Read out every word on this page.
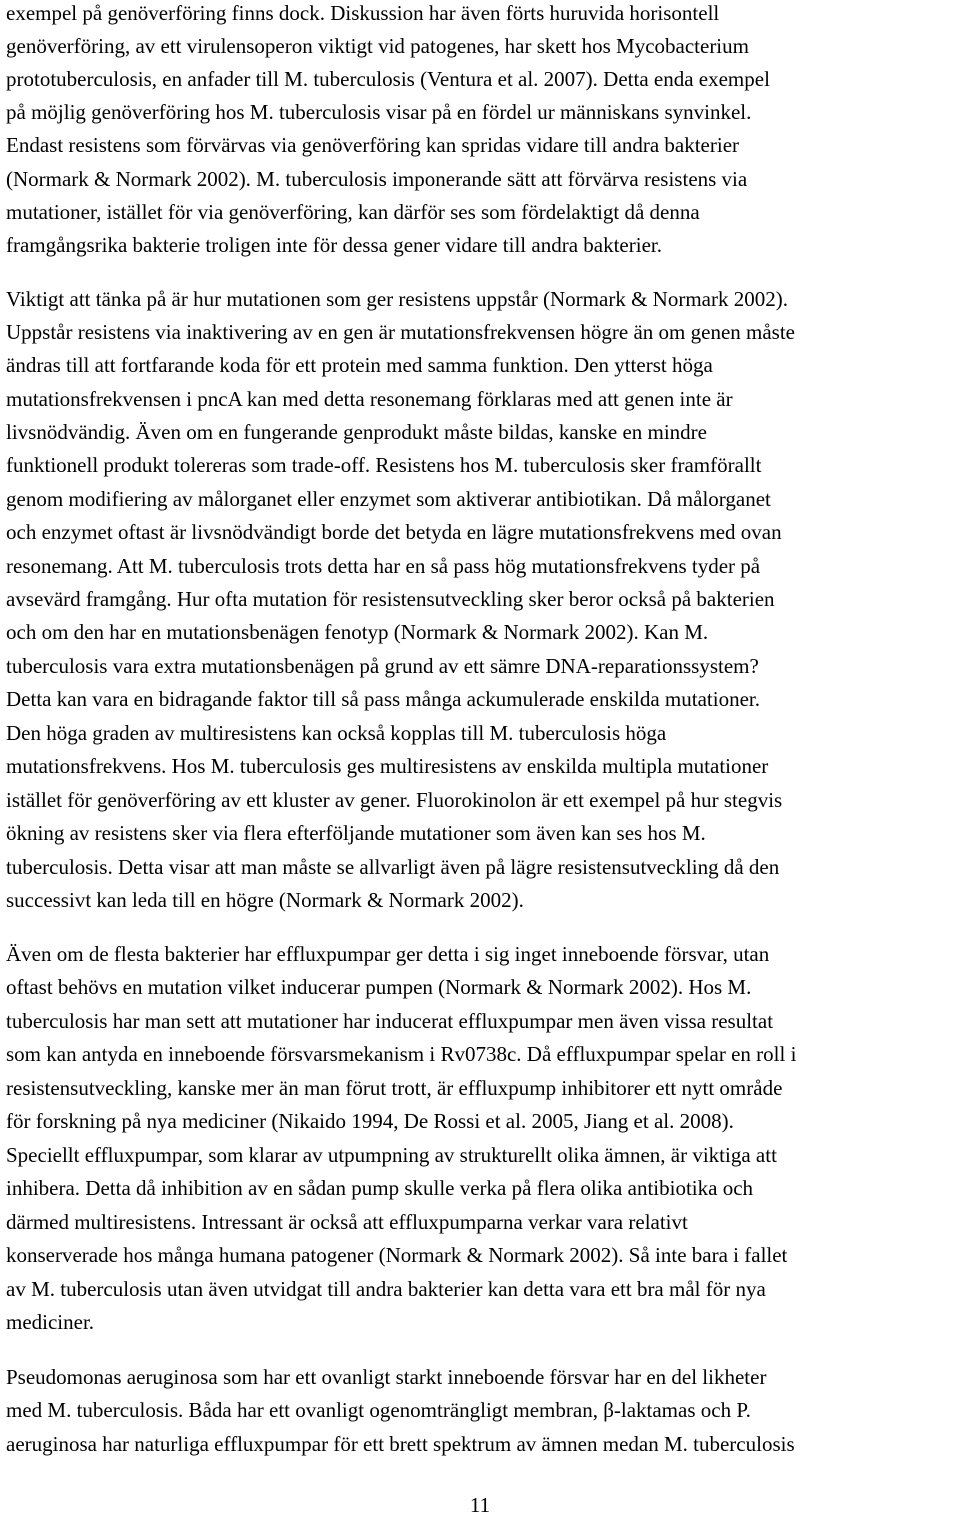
exempel på genöverföring finns dock. Diskussion har även förts huruvida horisontell
genöverföring, av ett virulensoperon viktigt vid patogenes, har skett hos Mycobacterium
prototuberculosis, en anfader till M. tuberculosis (Ventura et al. 2007). Detta enda exempel
på möjlig genöverföring hos M. tuberculosis visar på en fördel ur människans synvinkel.
Endast resistens som förvärvas via genöverföring kan spridas vidare till andra bakterier
(Normark & Normark 2002). M. tuberculosis imponerande sätt att förvärva resistens via
mutationer, istället för via genöverföring, kan därför ses som fördelaktigt då denna
framgångsrika bakterie troligen inte för dessa gener vidare till andra bakterier.
Viktigt att tänka på är hur mutationen som ger resistens uppstår (Normark & Normark 2002).
Uppstår resistens via inaktivering av en gen är mutationsfrekvensen högre än om genen måste
ändras till att fortfarande koda för ett protein med samma funktion. Den ytterst höga
mutationsfrekvensen i pncA kan med detta resonemang förklaras med att genen inte är
livsnödvändig. Även om en fungerande genprodukt måste bildas, kanske en mindre
funktionell produkt tolereras som trade-off. Resistens hos M. tuberculosis sker framförallt
genom modifiering av målorganet eller enzymet som aktiverar antibiotikan. Då målorganet
och enzymet oftast är livsnödvändigt borde det betyda en lägre mutationsfrekvens med ovan
resonemang. Att M. tuberculosis trots detta har en så pass hög mutationsfrekvens tyder på
avsevärd framgång. Hur ofta mutation för resistensutveckling sker beror också på bakterien
och om den har en mutationsbenägen fenotyp (Normark & Normark 2002). Kan M.
tuberculosis vara extra mutationsbenägen på grund av ett sämre DNA-reparationssystem?
Detta kan vara en bidragande faktor till så pass många ackumulerade enskilda mutationer.
Den höga graden av multiresistens kan också kopplas till M. tuberculosis höga
mutationsfrekvens. Hos M. tuberculosis ges multiresistens av enskilda multipla mutationer
istället för genöverföring av ett kluster av gener. Fluorokinolon är ett exempel på hur stegvis
ökning av resistens sker via flera efterföljande mutationer som även kan ses hos M.
tuberculosis. Detta visar att man måste se allvarligt även på lägre resistensutveckling då den
successivt kan leda till en högre (Normark & Normark 2002).
Även om de flesta bakterier har effluxpumpar ger detta i sig inget inneboende försvar, utan
oftast behövs en mutation vilket inducerar pumpen (Normark & Normark 2002). Hos M.
tuberculosis har man sett att mutationer har inducerat effluxpumpar men även vissa resultat
som kan antyda en inneboende försvarsmekanism i Rv0738c. Då effluxpumpar spelar en roll i
resistensutveckling, kanske mer än man förut trott, är effluxpump inhibitorer ett nytt område
för forskning på nya mediciner (Nikaido 1994, De Rossi et al. 2005, Jiang et al. 2008).
Speciellt effluxpumpar, som klarar av utpumpning av strukturellt olika ämnen, är viktiga att
inhibera. Detta då inhibition av en sådan pump skulle verka på flera olika antibiotika och
därmed multiresistens. Intressant är också att effluxpumparna verkar vara relativt
konserverade hos många humana patogener (Normark & Normark 2002). Så inte bara i fallet
av M. tuberculosis utan även utvidgat till andra bakterier kan detta vara ett bra mål för nya
mediciner.
Pseudomonas aeruginosa som har ett ovanligt starkt inneboende försvar har en del likheter
med M. tuberculosis. Båda har ett ovanligt ogenomträngligt membran, β-laktamas och P.
aeruginosa har naturliga effluxpumpar för ett brett spektrum av ämnen medan M. tuberculosis
11
